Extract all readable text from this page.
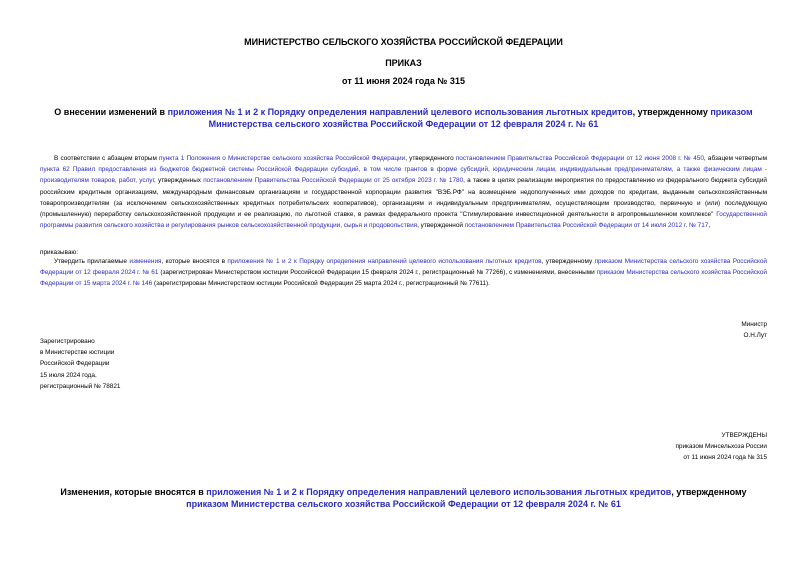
МИНИСТЕРСТВО СЕЛЬСКОГО ХОЗЯЙСТВА РОССИЙСКОЙ ФЕДЕРАЦИИ
ПРИКАЗ
от 11 июня 2024 года № 315
О внесении изменений в приложения № 1 и 2 к Порядку определения направлений целевого использования льготных кредитов, утвержденному приказом Министерства сельского хозяйства Российской Федерации от 12 февраля 2024 г. № 61
В соответствии с абзацем вторым пункта 1 Положения о Министерстве сельского хозяйства Российской Федерации, утвержденного постановлением Правительства Российской Федерации от 12 июня 2008 г. № 450, абзацем четвертым пункта 62 Правил предоставления из бюджетов бюджетной системы Российской Федерации субсидий, в том числе грантов в форме субсидий, юридическим лицам, индивидуальным предпринимателям, а также физическим лицам - производителям товаров, работ, услуг, утвержденных постановлением Правительства Российской Федерации от 25 октября 2023 г. № 1780, а также в целях реализации мероприятия по предоставлению из федерального бюджета субсидий российским кредитным организациям, международным финансовым организациям и государственной корпорации развития "ВЭБ.РФ" на возмещение недополученных ими доходов по кредитам, выданным сельскохозяйственным товаропроизводителям (за исключением сельскохозяйственных кредитных потребительских кооперативов), организациям и индивидуальным предпринимателям, осуществляющим производство, первичную и (или) последующую (промышленную) переработку сельскохозяйственной продукции и ее реализацию, по льготной ставке, в рамках федерального проекта "Стимулирование инвестиционной деятельности в агропромышленном комплексе" Государственной программы развития сельского хозяйства и регулирования рынков сельскохозяйственной продукции, сырья и продовольствия, утвержденной постановлением Правительства Российской Федерации от 14 июля 2012 г. № 717,
приказываю:
Утвердить прилагаемые изменения, которые вносятся в приложения № 1 и 2 к Порядку определения направлений целевого использования льготных кредитов, утвержденному приказом Министерства сельского хозяйства Российской Федерации от 12 февраля 2024 г. № 61 (зарегистрирован Министерством юстиции Российской Федерации 15 февраля 2024 г., регистрационный № 77266), с изменениями, внесенными приказом Министерства сельского хозяйства Российской Федерации от 15 марта 2024 г. № 146 (зарегистрирован Министерством юстиции Российской Федерации 25 марта 2024 г., регистрационный № 77611).
Министр
О.Н.Лут
Зарегистрировано
в Министерстве юстиции
Российской Федерации
15 июля 2024 года,
регистрационный № 78821
УТВЕРЖДЕНЫ
приказом Минсельхоза России
от 11 июня 2024 года № 315
Изменения, которые вносятся в приложения № 1 и 2 к Порядку определения направлений целевого использования льготных кредитов, утвержденному приказом Министерства сельского хозяйства Российской Федерации от 12 февраля 2024 г. № 61
